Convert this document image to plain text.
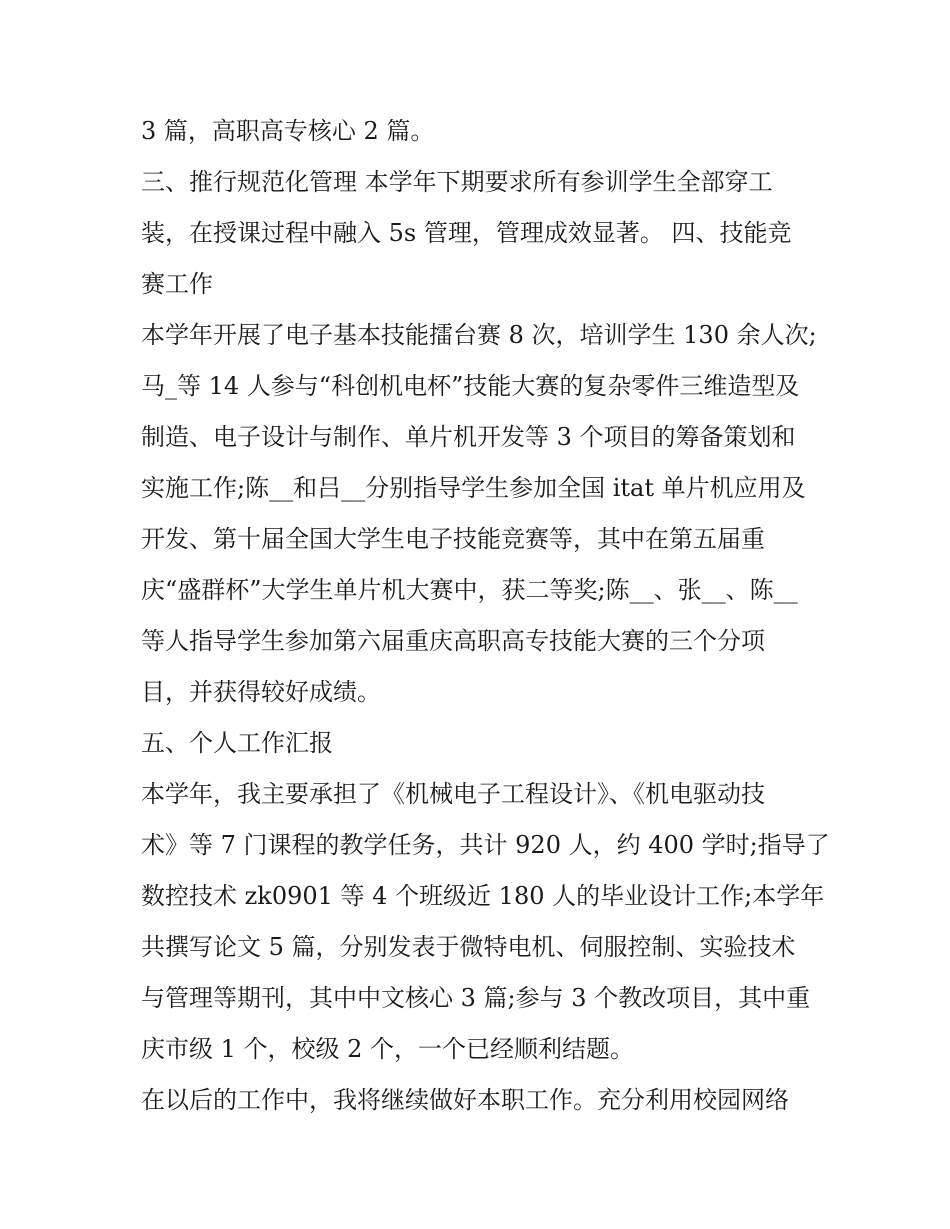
3 篇，高职高专核心 2 篇。
三、推行规范化管理 本学年下期要求所有参训学生全部穿工
装，在授课过程中融入 5s 管理，管理成效显著。 四、技能竞
赛工作
本学年开展了电子基本技能擂台赛 8 次，培训学生 130 余人次;
马_等 14 人参与“科创机电杯”技能大赛的复杂零件三维造型及
制造、电子设计与制作、单片机开发等 3 个项目的筹备策划和
实施工作;陈__和吕__分别指导学生参加全国 itat 单片机应用及
开发、第十届全国大学生电子技能竞赛等，其中在第五届重
庆“盛群杯”大学生单片机大赛中，获二等奖;陈__、张__、陈__
等人指导学生参加第六届重庆高职高专技能大赛的三个分项
目，并获得较好成绩。
五、个人工作汇报
本学年，我主要承担了《机械电子工程设计》、《机电驱动技
术》等 7 门课程的教学任务，共计 920 人，约 400 学时;指导了
数控技术 zk0901 等 4 个班级近 180 人的毕业设计工作;本学年
共撰写论文 5 篇，分别发表于微特电机、伺服控制、实验技术
与管理等期刊，其中中文核心 3 篇;参与 3 个教改项目，其中重
庆市级 1 个，校级 2 个，一个已经顺利结题。
在以后的工作中，我将继续做好本职工作。充分利用校园网络
